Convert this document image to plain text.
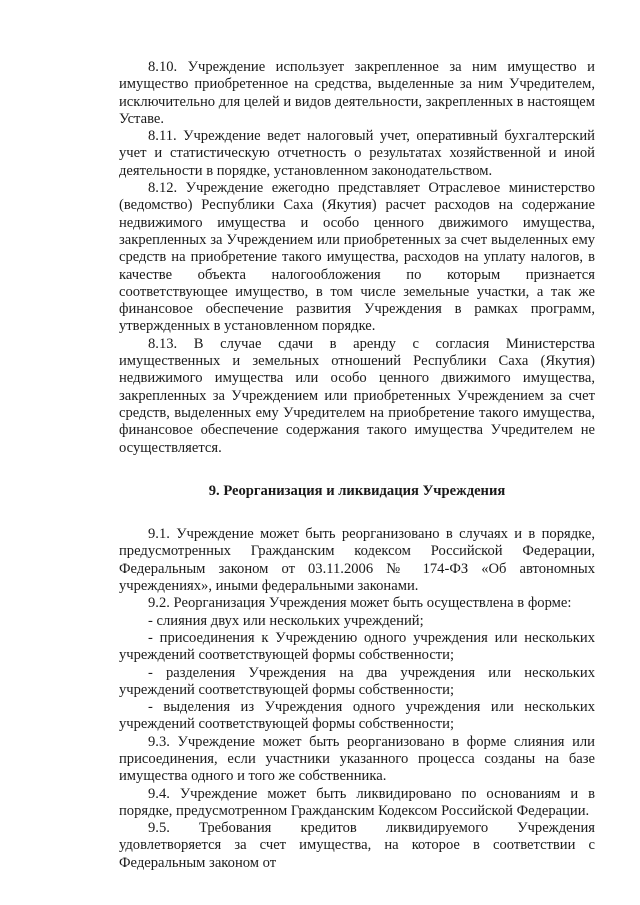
8.10. Учреждение использует закрепленное за ним имущество и имущество приобретенное на средства, выделенные за ним Учредителем, исключительно для целей и видов деятельности, закрепленных в настоящем Уставе.

8.11. Учреждение ведет налоговый учет, оперативный бухгалтерский учет и статистическую отчетность о результатах хозяйственной и иной деятельности в порядке, установленном законодательством.

8.12. Учреждение ежегодно представляет Отраслевое министерство (ведомство) Республики Саха (Якутия) расчет расходов на содержание недвижимого имущества и особо ценного движимого имущества, закрепленных за Учреждением или приобретенных за счет выделенных ему средств на приобретение такого имущества, расходов на уплату налогов, в качестве объекта налогообложения по которым признается соответствующее имущество, в том числе земельные участки, а так же финансовое обеспечение развития Учреждения в рамках программ, утвержденных в установленном порядке.

8.13. В случае сдачи в аренду с согласия Министерства имущественных и земельных отношений Республики Саха (Якутия) недвижимого имущества или особо ценного движимого имущества, закрепленных за Учреждением или приобретенных Учреждением за счет средств, выделенных ему Учредителем на приобретение такого имущества, финансовое обеспечение содержания такого имущества Учредителем не осуществляется.

9. Реорганизация и ликвидация Учреждения

9.1. Учреждение может быть реорганизовано в случаях и в порядке, предусмотренных Гражданским кодексом Российской Федерации, Федеральным законом от 03.11.2006 № 174-ФЗ «Об автономных учреждениях», иными федеральными законами.

9.2. Реорганизация Учреждения может быть осуществлена в форме:

- слияния двух или нескольких учреждений;

- присоединения к Учреждению одного учреждения или нескольких учреждений соответствующей формы собственности;

- разделения Учреждения на два учреждения или нескольких учреждений соответствующей формы собственности;

- выделения из Учреждения одного учреждения или нескольких учреждений соответствующей формы собственности;

9.3. Учреждение может быть реорганизовано в форме слияния или присоединения, если участники указанного процесса созданы на базе имущества одного и того же собственника.

9.4. Учреждение может быть ликвидировано по основаниям и в порядке, предусмотренном Гражданским Кодексом Российской Федерации.

9.5. Требования кредитов ликвидируемого Учреждения удовлетворяется за счет имущества, на которое в соответствии с Федеральным законом от
